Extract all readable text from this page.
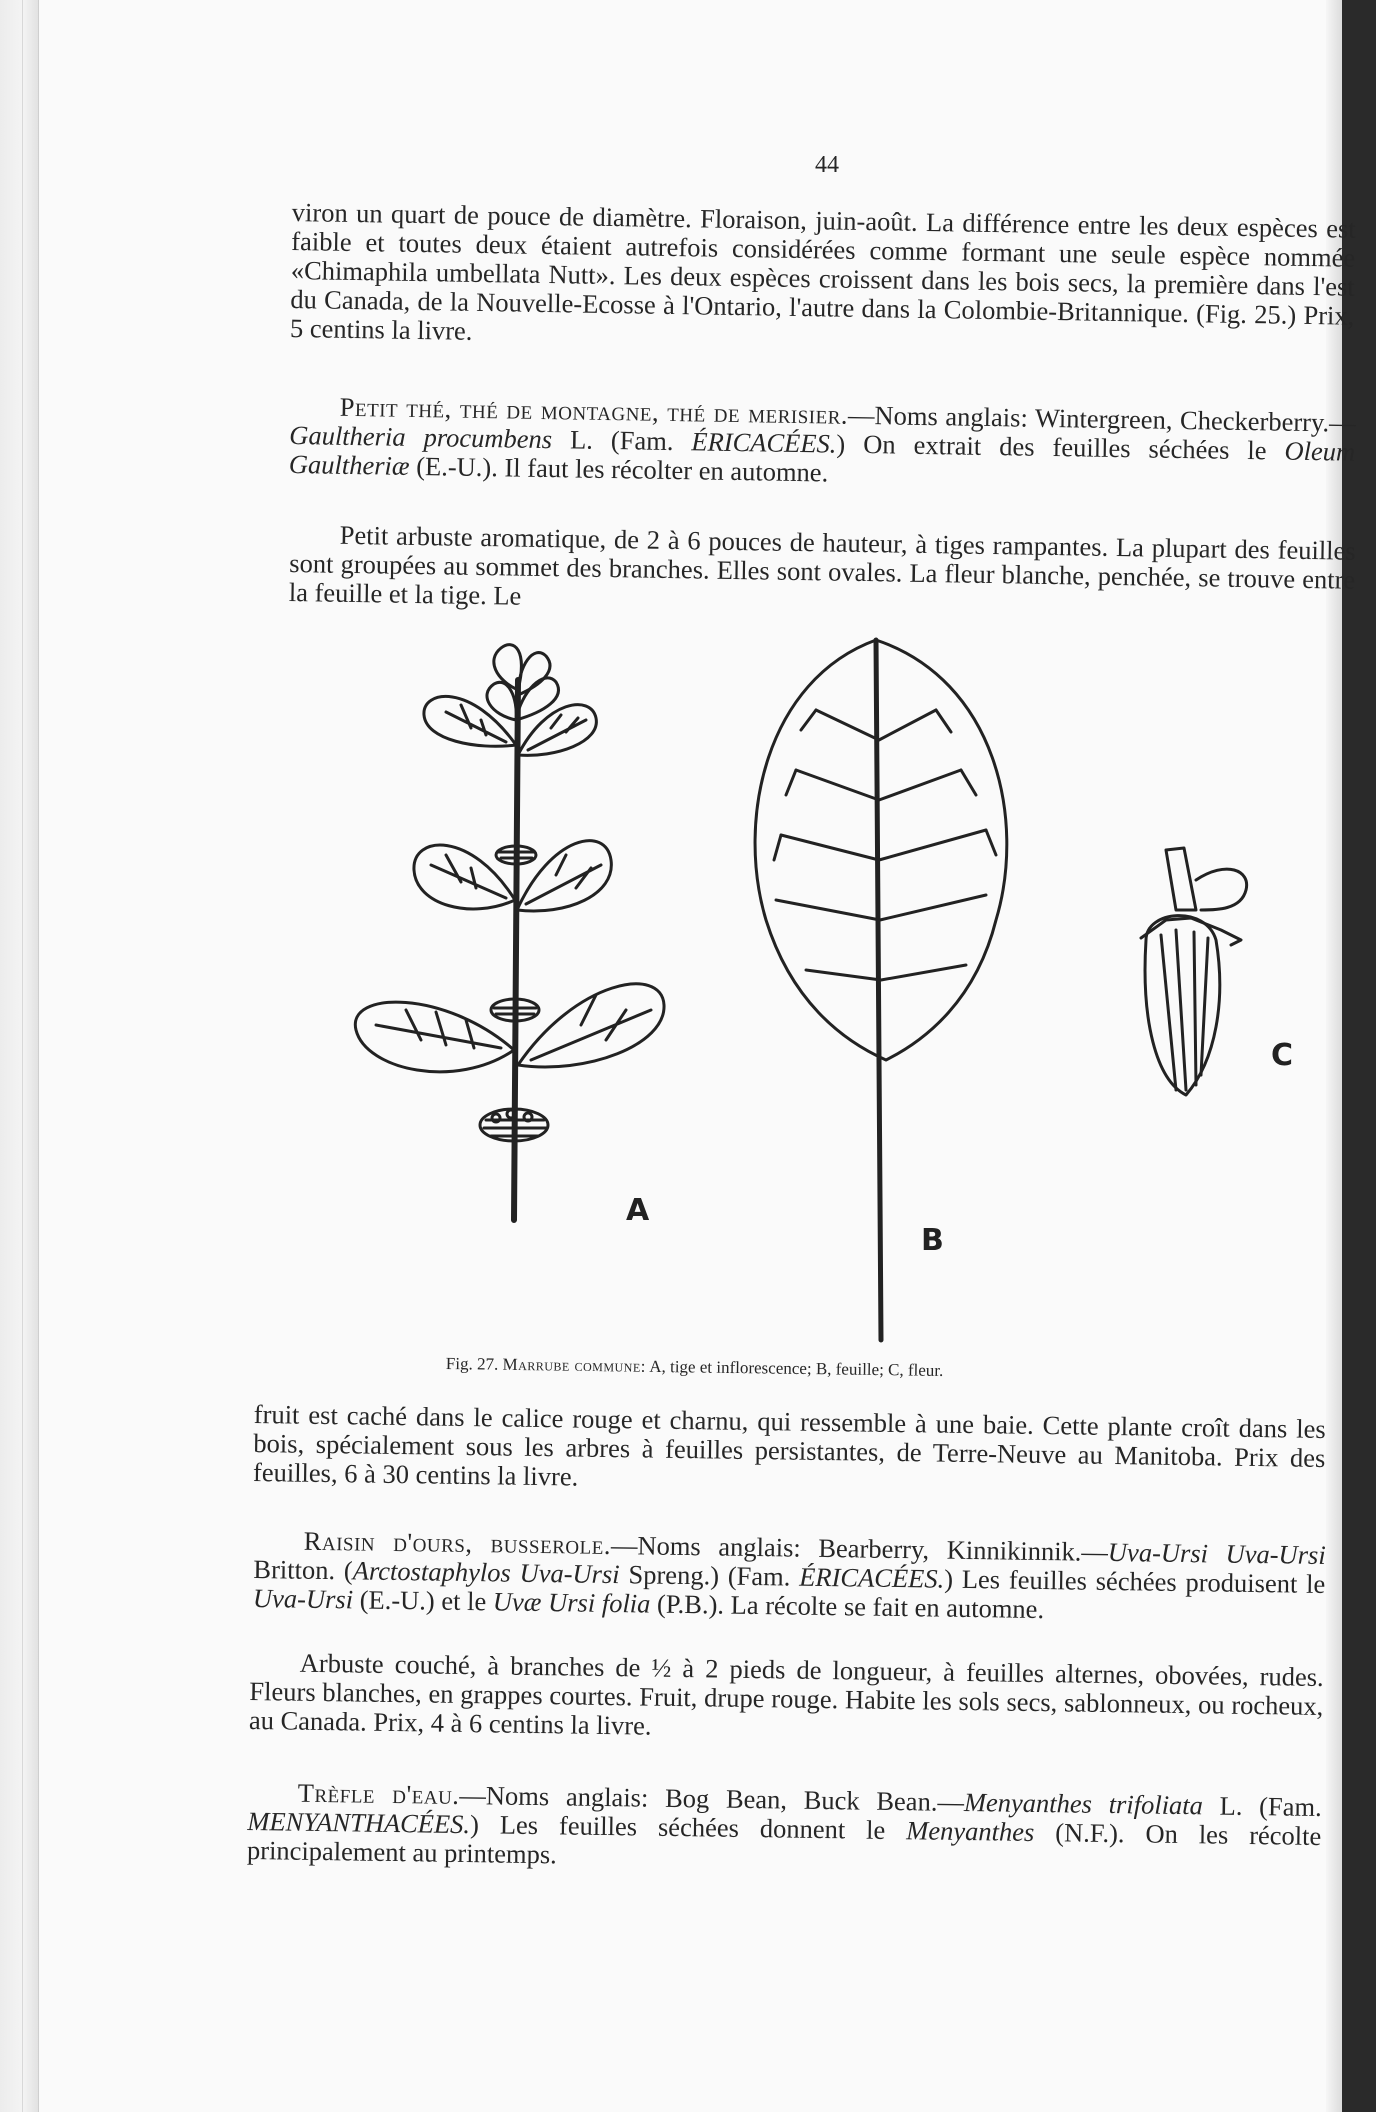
44

viron un quart de pouce de diamètre. Floraison, juin-août. La différence entre les deux espèces est faible et toutes deux étaient autrefois considérées comme formant une seule espèce nommée «Chimaphila umbellata Nutt». Les deux espèces croissent dans les bois secs, la première dans l'est du Canada, de la Nouvelle-Ecosse à l'Ontario, l'autre dans la Colombie-Britannique. (Fig. 25.) Prix, 5 centins la livre.

Petit thé, thé de montagne, thé de merisier.—Noms anglais: Wintergreen, Checkerberry.—Gaultheria procumbens L. (Fam. ÉRICACÉES.) On extrait des feuilles séchées le Oleum Gaultheriæ (E.-U.). Il faut les récolter en automne.

Petit arbuste aromatique, de 2 à 6 pouces de hauteur, à tiges rampantes. La plupart des feuilles sont groupées au sommet des branches. Elles sont ovales. La fleur blanche, penchée, se trouve entre la feuille et la tige. Le

A
B
C
Fig. 27. Marrube commune: A, tige et inflorescence; B, feuille; C, fleur.

fruit est caché dans le calice rouge et charnu, qui ressemble à une baie. Cette plante croît dans les bois, spécialement sous les arbres à feuilles persistantes, de Terre-Neuve au Manitoba. Prix des feuilles, 6 à 30 centins la livre.

Raisin d'ours, busserole.—Noms anglais: Bearberry, Kinnikinnik.—Uva-Ursi Uva-Ursi Britton. (Arctostaphylos Uva-Ursi Spreng.) (Fam. ÉRICACÉES.) Les feuilles séchées produisent le Uva-Ursi (E.-U.) et le Uvæ Ursi folia (P.B.). La récolte se fait en automne.

Arbuste couché, à branches de ½ à 2 pieds de longueur, à feuilles alternes, obovées, rudes. Fleurs blanches, en grappes courtes. Fruit, drupe rouge. Habite les sols secs, sablonneux, ou rocheux, au Canada. Prix, 4 à 6 centins la livre.

Trèfle d'eau.—Noms anglais: Bog Bean, Buck Bean.—Menyanthes trifoliata L. (Fam. MENYANTHACÉES.) Les feuilles séchées donnent le Menyanthes (N.F.). On les récolte principalement au printemps.
